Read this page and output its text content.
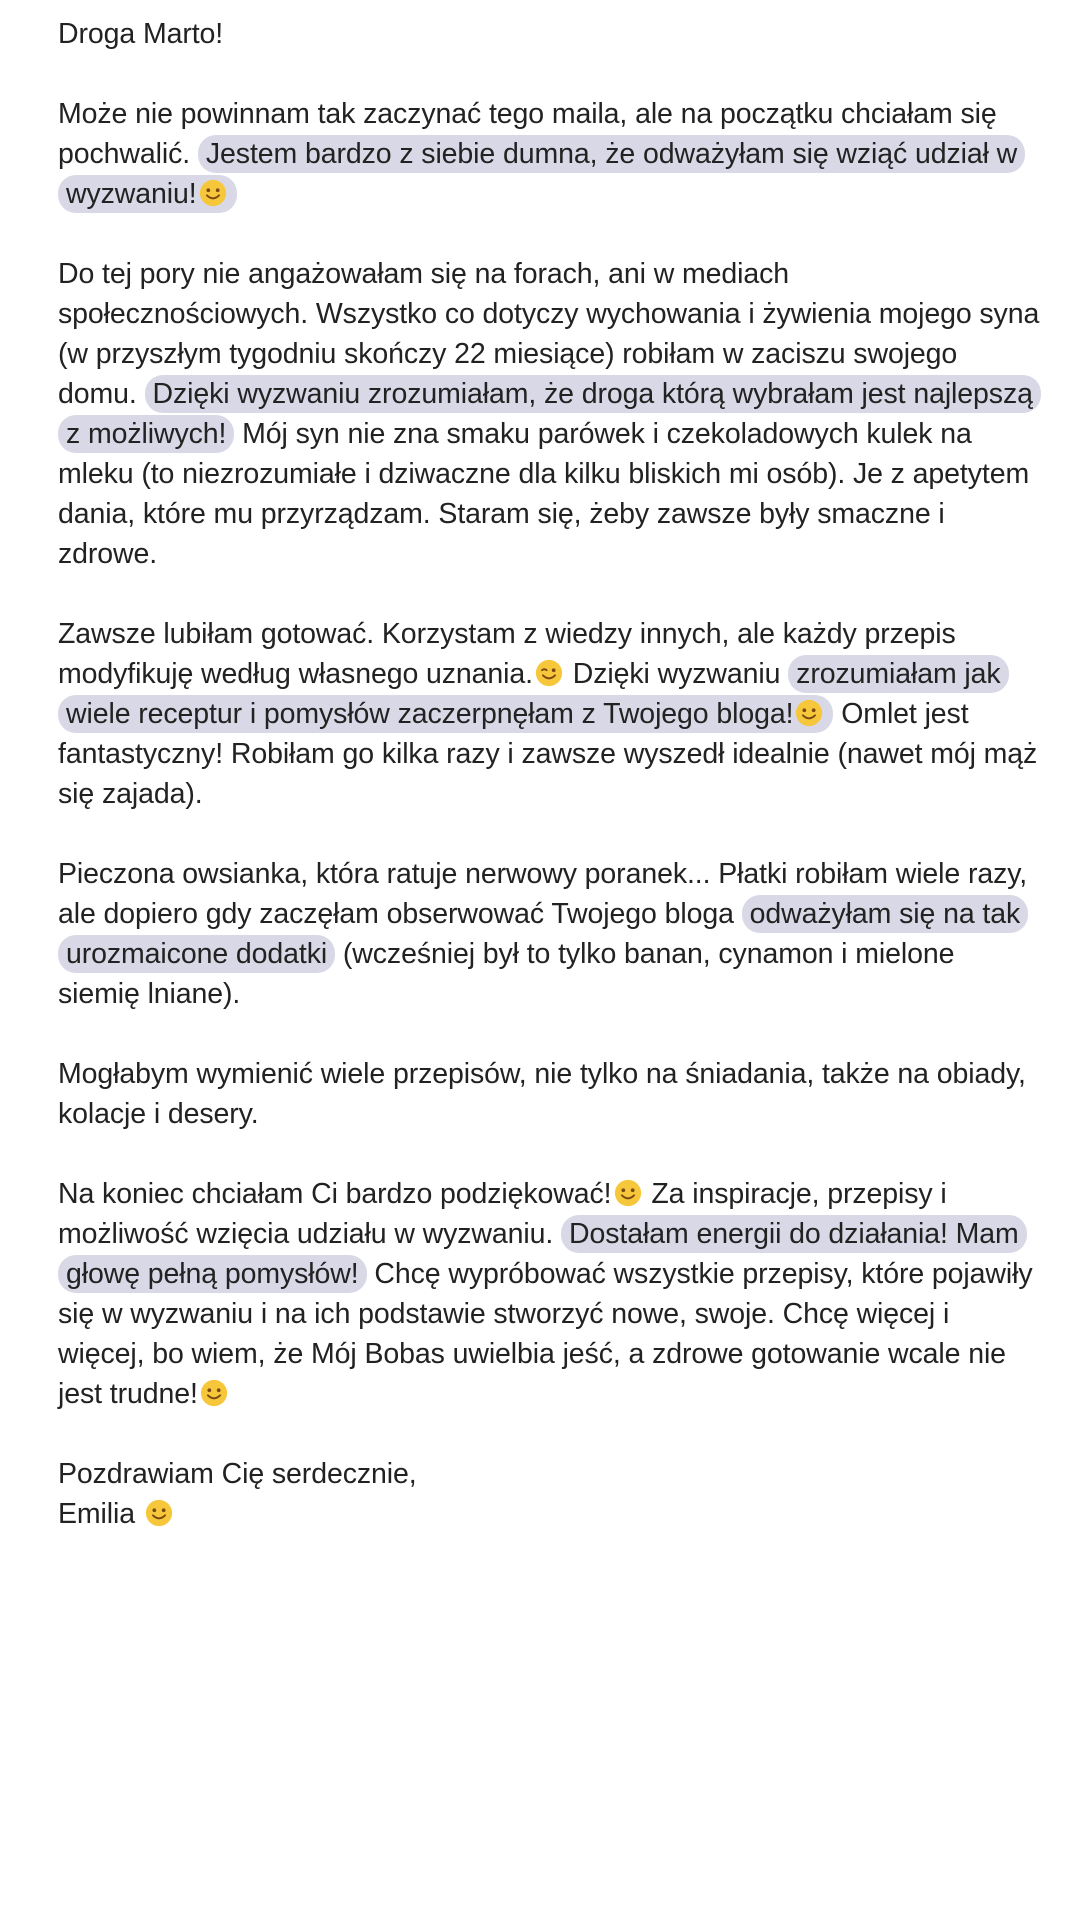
Droga Marto!

Może nie powinnam tak zaczynać tego maila, ale na początku chciałam się pochwalić. Jestem bardzo z siebie dumna, że odważyłam się wziąć udział w wyzwaniu!

Do tej pory nie angażowałam się na forach, ani w mediach społecznościowych. Wszystko co dotyczy wychowania i żywienia mojego syna (w przyszłym tygodniu skończy 22 miesiące) robiłam w zaciszu swojego domu. Dzięki wyzwaniu zrozumiałam, że droga którą wybrałam jest najlepszą z możliwych! Mój syn nie zna smaku parówek i czekoladowych kulek na mleku (to niezrozumiałe i dziwaczne dla kilku bliskich mi osób). Je z apetytem dania, które mu przyrządzam. Staram się, żeby zawsze były smaczne i zdrowe.

Zawsze lubiłam gotować. Korzystam z wiedzy innych, ale każdy przepis modyfikuję według własnego uznania.
Dzięki wyzwaniu zrozumiałam jak wiele receptur i pomysłów zaczerpnęłam z Twojego bloga!
Omlet jest fantastyczny! Robiłam go kilka razy i zawsze wyszedł idealnie (nawet mój mąż się zajada).

Pieczona owsianka, która ratuje nerwowy poranek... Płatki robiłam wiele razy, ale dopiero gdy zaczęłam obserwować Twojego bloga odważyłam się na tak urozmaicone dodatki (wcześniej był to tylko banan, cynamon i mielone siemię lniane).

Mogłabym wymienić wiele przepisów, nie tylko na śniadania, także na obiady, kolacje i desery.

Na koniec chciałam Ci bardzo podziękować!
Za inspiracje, przepisy i możliwość wzięcia udziału w wyzwaniu. Dostałam energii do działania! Mam głowę pełną pomysłów! Chcę wypróbować wszystkie przepisy, które pojawiły się w wyzwaniu i na ich podstawie stworzyć nowe, swoje. Chcę więcej i więcej, bo wiem, że Mój Bobas uwielbia jeść, a zdrowe gotowanie wcale nie jest trudne!

Pozdrawiam Cię serdecznie,
Emilia
